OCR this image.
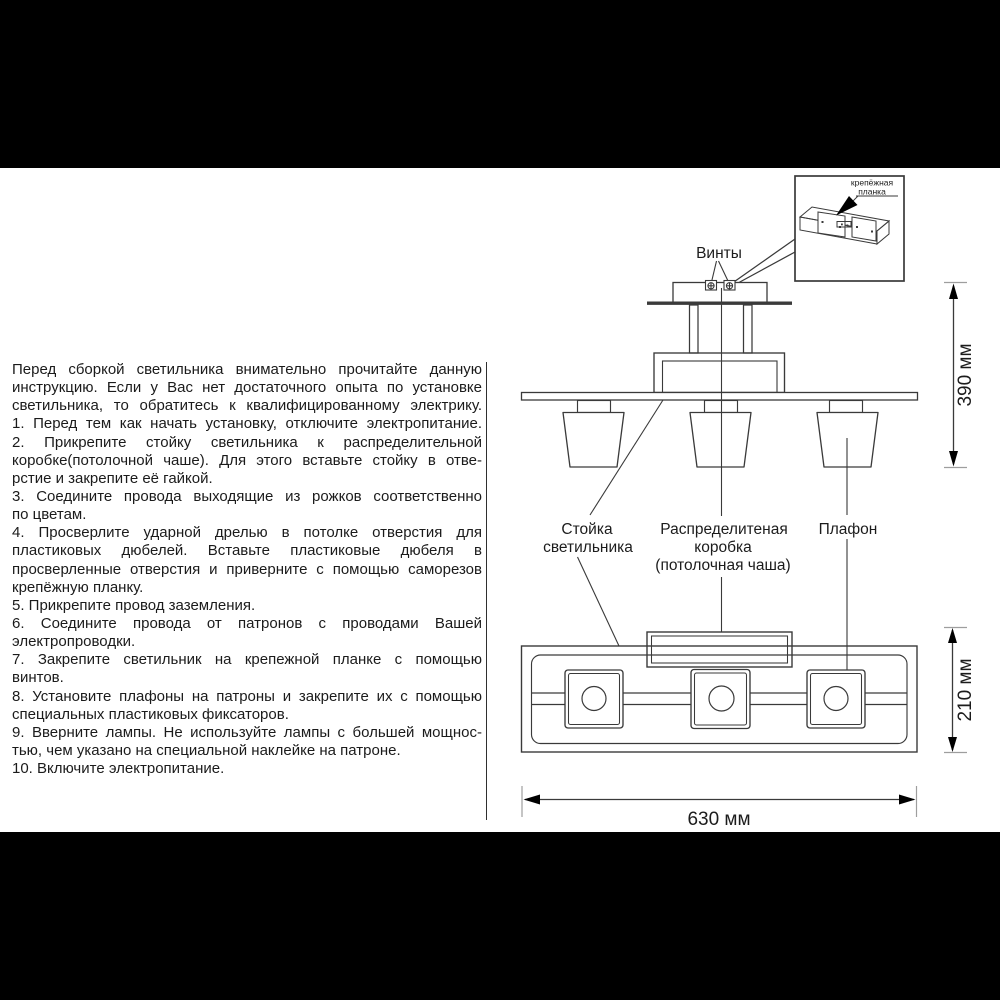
Перед сборкой светильника внимательно прочитайте данную
инструкцию. Если у Вас нет достаточного опыта по установке
светильника, то обратитесь к квалифицированному электрику.
1. Перед тем как начать установку, отключите электропитание.
2. Прикрепите стойку светильника к распределительной
коробке(потолочной чаше). Для этого вставьте стойку в отве-
рстие и закрепите её гайкой.
3. Соедините провода выходящие из рожков соответственно
по цветам.
4. Просверлите ударной дрелью в потолке отверстия для
пластиковых дюбелей. Вставьте пластиковые дюбеля в
просверленные отверстия и приверните с помощью саморезов
крепёжную планку.
5. Прикрепите провод заземления.
6. Соедините провода от патронов с проводами Вашей
электропроводки.
7. Закрепите светильник на крепежной планке с помощью
винтов.
8. Установите плафоны на патроны и закрепите их с помощью
специальных пластиковых фиксаторов.
9. Вверните лампы. Не используйте лампы с большей мощнос-
тью, чем указано на специальной наклейке на патроне.
10. Включите электропитание.
крепёжная
планка
Винты
Стойка
светильника
Распределитеная
коробка
(потолочная чаша)
Плафон
390 мм
210 мм
630 мм
